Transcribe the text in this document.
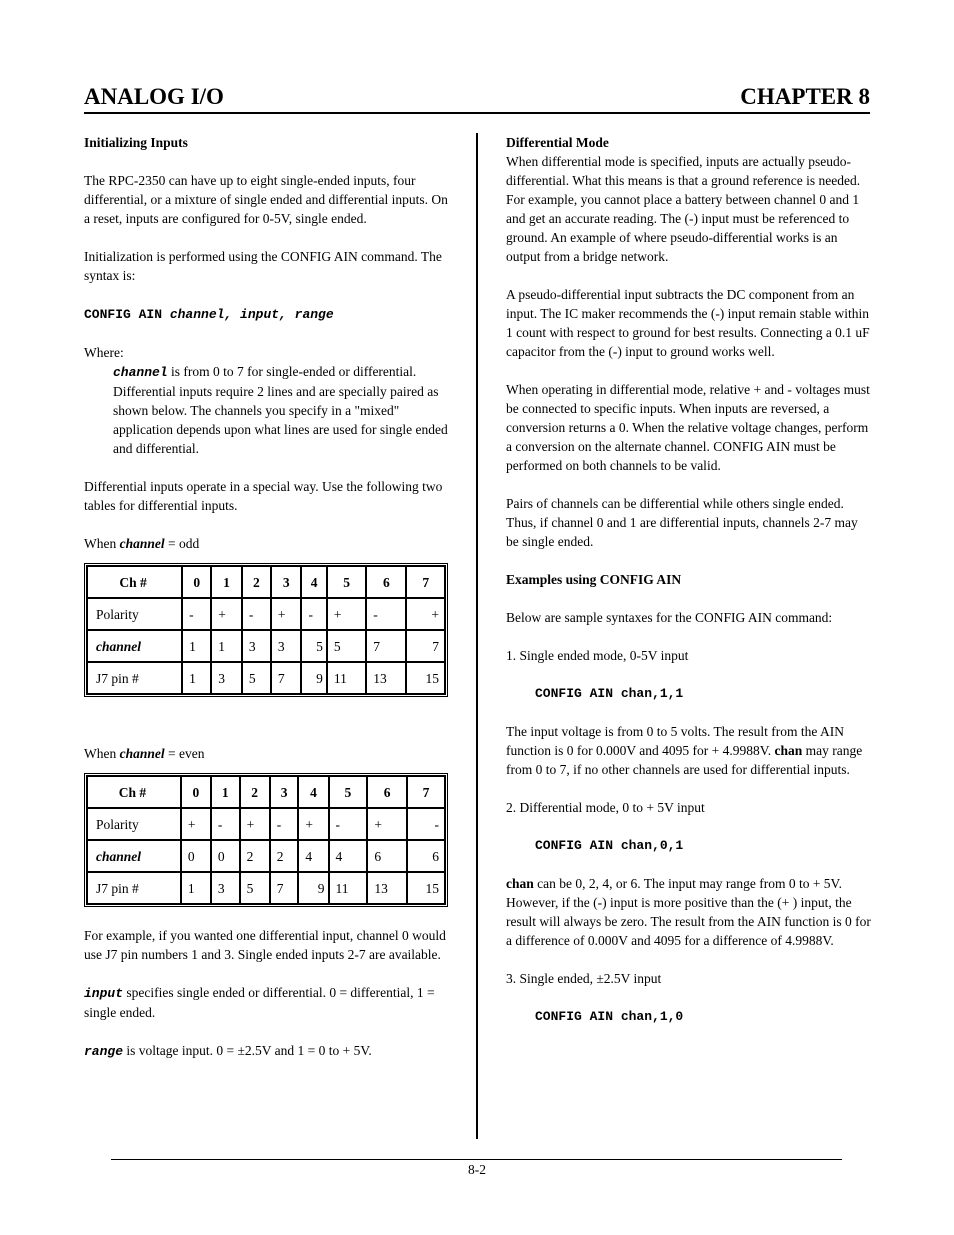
ANALOG I/O	CHAPTER 8
Initializing Inputs

The RPC-2350 can have up to eight single-ended inputs, four differential, or a mixture of single ended and differential inputs. On a reset, inputs are configured for 0-5V, single ended.

Initialization is performed using the CONFIG AIN command. The syntax is:

CONFIG AIN channel, input, range
Where:

channel is from 0 to 7 for single-ended or differential. Differential inputs require 2 lines and are specially paired as shown below. The channels you specify in a "mixed" application depends upon what lines are used for single ended and differential.

Differential inputs operate in a special way. Use the following two tables for differential inputs.

When channel = odd
Ch #	0	1	2	3	4	5	6	7
Polarity	-	+	-	+	-	+	-	+
channel	1	1	3	3	5	5	7	7
J7 pin #	1	3	5	7	9	11	13	15
When channel = even
Ch #	0	1	2	3	4	5	6	7
Polarity	+	-	+	-	+	-	+	-
channel	0	0	2	2	4	4	6	6
J7 pin #	1	3	5	7	9	11	13	15

For example, if you wanted one differential input, channel 0 would use J7 pin numbers 1 and 3. Single ended inputs 2-7 are available.

input specifies single ended or differential. 0 = differential, 1 = single ended.

range is voltage input. 0 = ±2.5V and 1 = 0 to + 5V.

Differential Mode

When differential mode is specified, inputs are actually pseudo-differential. What this means is that a ground reference is needed. For example, you cannot place a battery between channel 0 and 1 and get an accurate reading. The (-) input must be referenced to ground. An example of where pseudo-differential works is an output from a bridge network.

A pseudo-differential input subtracts the DC component from an input. The IC maker recommends the (-) input remain stable within 1 count with respect to ground for best results. Connecting a 0.1 uF capacitor from the (-) input to ground works well.

When operating in differential mode, relative + and - voltages must be connected to specific inputs. When inputs are reversed, a conversion returns a 0. When the relative voltage changes, perform a conversion on the alternate channel. CONFIG AIN must be performed on both channels to be valid.

Pairs of channels can be differential while others single ended. Thus, if channel 0 and 1 are differential inputs, channels 2-7 may be single ended.

Examples using CONFIG AIN

Below are sample syntaxes for the CONFIG AIN command:

1. Single ended mode, 0-5V input

CONFIG AIN chan,1,1

The input voltage is from 0 to 5 volts. The result from the AIN function is 0 for 0.000V and 4095 for + 4.9988V. chan may range from 0 to 7, if no other channels are used for differential inputs.

2. Differential mode, 0 to + 5V input

CONFIG AIN chan,0,1

chan can be 0, 2, 4, or 6. The input may range from 0 to + 5V. However, if the (-) input is more positive than the (+ ) input, the result will always be zero. The result from the AIN function is 0 for a difference of 0.000V and 4095 for a difference of 4.9988V.

3. Single ended, ±2.5V input

CONFIG AIN chan,1,0
8-2
